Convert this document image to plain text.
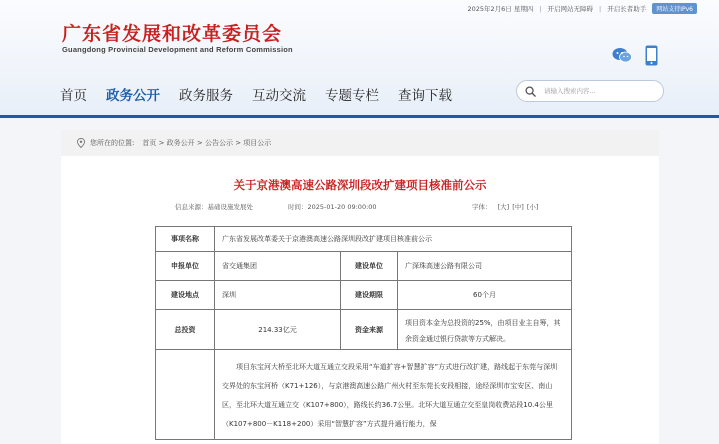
2025年2月6日 星期四 | 开启网站无障碍 | 开启长者助手	网站支持IPv6
广东省发展和改革委员会
Guangdong Provincial Development and Reform Commission
首页 政务公开 政务服务 互动交流 专题专栏 查询下载
请输入搜索内容...
您所在的位置: 首页 > 政务公开 > 公告公示 > 项目公示
关于京港澳高速公路深圳段改扩建项目核准前公示
信息来源：基础设施发展处	时间：2025-01-20 09:00:00	字体： [大] [中] [小]
事项名称	广东省发展改革委关于京港澳高速公路深圳段改扩建项目核准前公示		
申报单位	省交通集团	建设单位	广深珠高速公路有限公司
建设地点	深圳	建设期限	60个月
总投资	214.33亿元	资金来源	项目资本金为总投资的25%，由项目业主自筹，其余资金通过银行贷款等方式解决。

	项目东宝河大桥至北环大道互通立交段采用“车道扩容+智慧扩容”方式进行改扩建，路线起于东莞与深圳交界处的东宝河桥（K71+126），与京港澳高速公路广州火村至东莞长安段相接，途经深圳市宝安区、南山区，至北环大道互通立交（K107+800），路线长约36.7公里。北环大道互通立交至皇岗收费站段10.4公里（K107+800－K118+200）采用“智慧扩容”方式提升通行能力，保		
